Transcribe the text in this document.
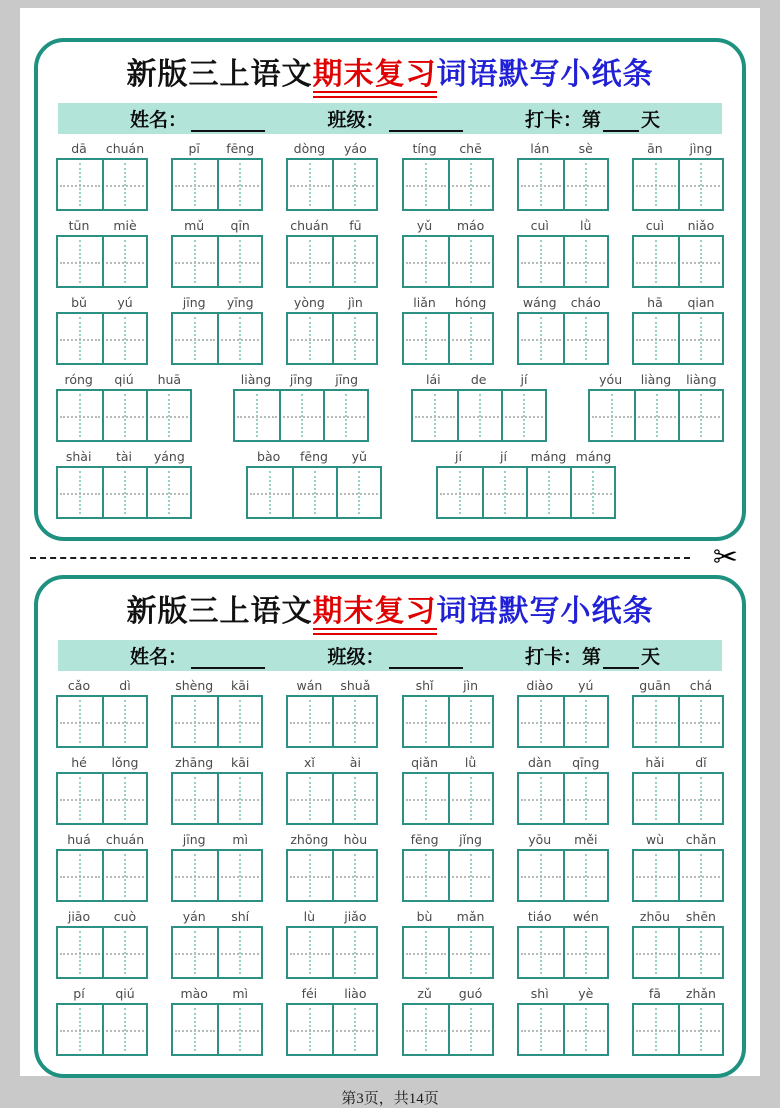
新版三上语文期末复习词语默写小纸条
姓名：	班级：	打卡：第 天
dā	chuán	pī	fēng	dòng	yáo	tíng	chē	lán	sè	ān	jìng
tūn	miè	mǔ	qīn	chuán	fū	yǔ	máo	cuì	lǜ	cuì	niǎo
bǔ	yú	jīng	yīng	yòng	jìn	liǎn	hóng	wáng	cháo	hā	qian
róng	qiú	huā	liàng	jīng	jīng	lái	de	jí	yóu	liàng	liàng
shài	tài	yáng	bào	fēng	yǔ	jí	jí	máng máng
✂
新版三上语文期末复习词语默写小纸条
姓名：	班级：	打卡：第 天
cǎo	dì	shèng	kāi	wán	shuǎ	shǐ	jìn	diào	yú	guān	chá
hé	lǒng	zhāng	kāi	xǐ	ài	qiǎn	lǜ	dàn	qīng	hǎi	dǐ
huá	chuán	jīng	mì	zhōng	hòu	fēng	jǐng	yōu	měi	wù	chǎn
jiāo	cuò	yán	shí	lù	jiǎo	bù	mǎn	tiáo	wén	zhōu	shēn
pí	qiú	mào	mì	féi	liào	zǔ	guó	shì	yè	fā	zhǎn
第3页，共14页
